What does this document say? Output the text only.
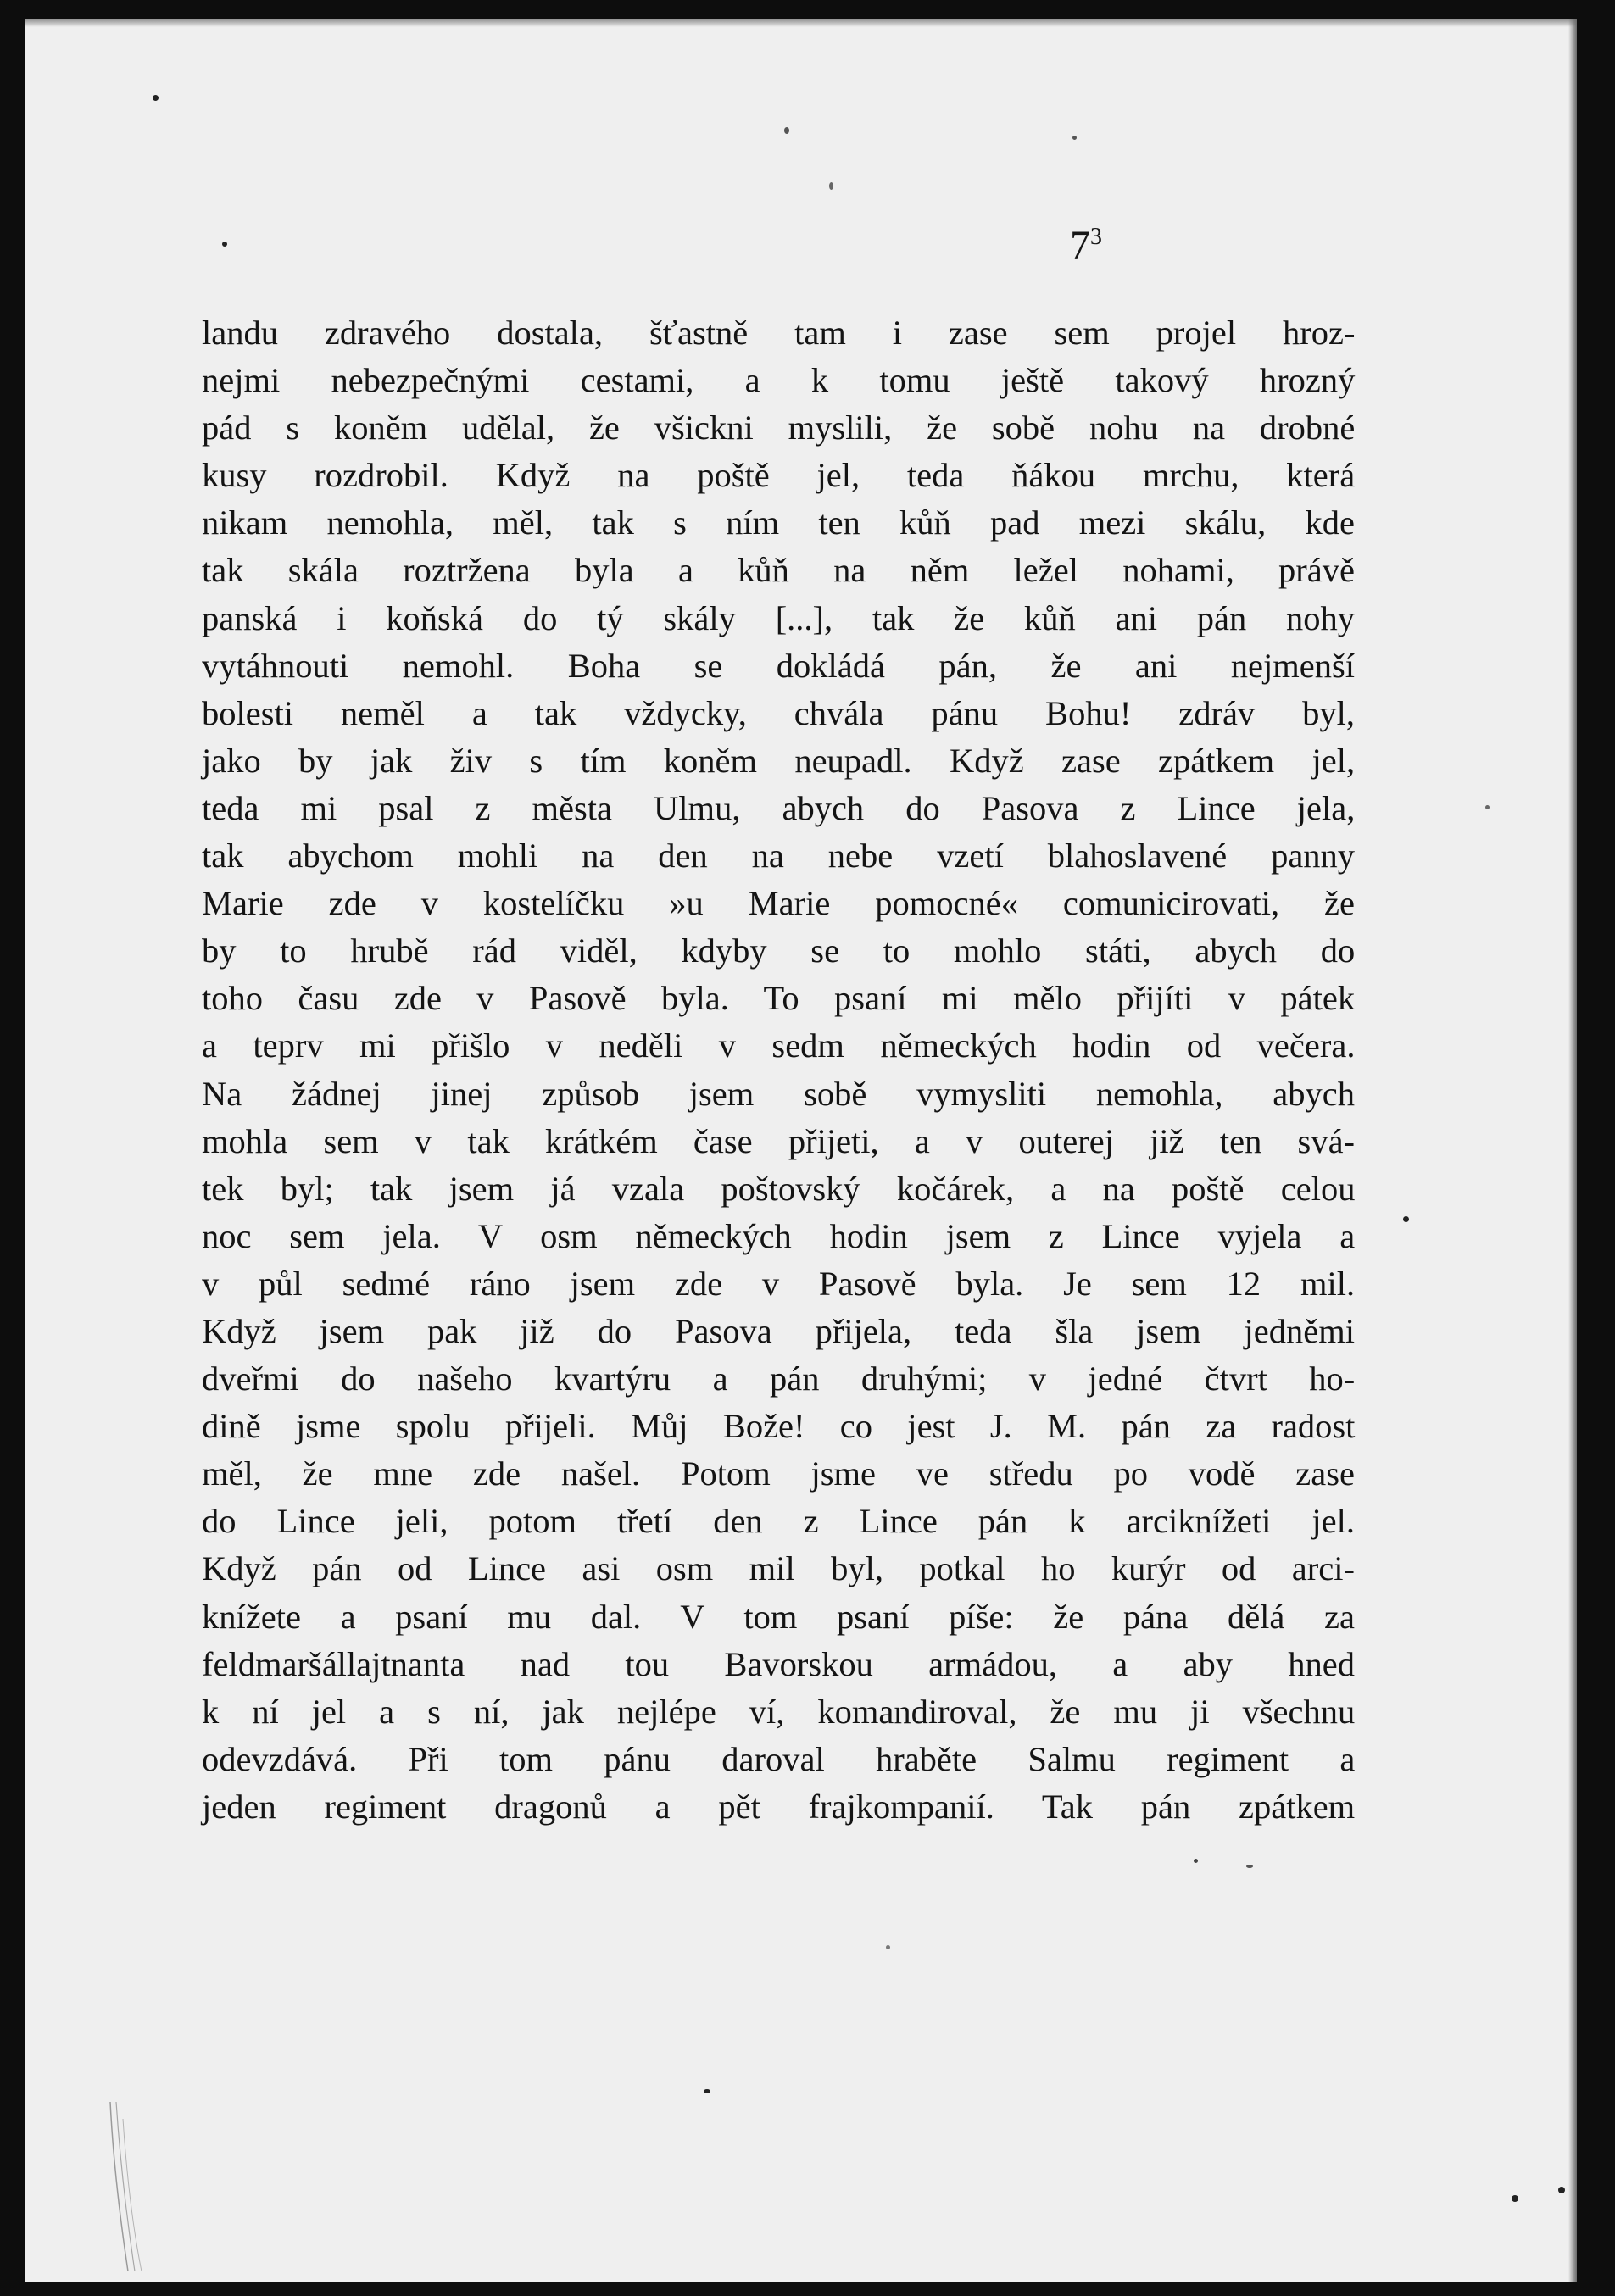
$7^3$
landu zdravého dostala, šťastně tam i zase sem projel hroz-
nejmi nebezpečnými cestami, a k tomu ještě takový hrozný
pád s koněm udělal, že všickni myslili, že sobě nohu na drobné
kusy rozdrobil. Když na poště jel, teda ňákou mrchu, která
nikam nemohla, měl, tak s ním ten kůň pad mezi skálu, kde
tak skála roztržena byla a kůň na něm ležel nohami, právě
panská i koňská do tý skály [...], tak že kůň ani pán nohy
vytáhnouti nemohl. Boha se dokládá pán, že ani nejmenší
bolesti neměl a tak vždycky, chvála pánu Bohu! zdráv byl,
jako by jak živ s tím koněm neupadl. Když zase zpátkem jel,
teda mi psal z města Ulmu, abych do Pasova z Lince jela,
tak abychom mohli na den na nebe vzetí blahoslavené panny
Marie zde v kostelíčku »u Marie pomocné« comunicirovati, že
by to hrubě rád viděl, kdyby se to mohlo státi, abych do
toho času zde v Pasově byla. To psaní mi mělo přijíti v pátek
a teprv mi přišlo v neděli v sedm německých hodin od večera.
Na žádnej jinej způsob jsem sobě vymysliti nemohla, abych
mohla sem v tak krátkém čase přijeti, a v outerej již ten svá-
tek byl; tak jsem já vzala poštovský kočárek, a na poště celou
noc sem jela. V osm německých hodin jsem z Lince vyjela a
v půl sedmé ráno jsem zde v Pasově byla. Je sem 12 mil.
Když jsem pak již do Pasova přijela, teda šla jsem jedněmi
dveřmi do našeho kvartýru a pán druhými; v jedné čtvrt ho-
dině jsme spolu přijeli. Můj Bože! co jest J. M. pán za radost
měl, že mne zde našel. Potom jsme ve středu po vodě zase
do Lince jeli, potom třetí den z Lince pán k arciknížeti jel.
Když pán od Lince asi osm mil byl, potkal ho kurýr od arci-
knížete a psaní mu dal. V tom psaní píše: že pána dělá za
feldmaršállajtnanta nad tou Bavorskou armádou, a aby hned
k ní jel a s ní, jak nejlépe ví, komandiroval, že mu ji všechnu
odevzdává. Při tom pánu daroval hraběte Salmu regiment a
jeden regiment dragonů a pět frajkompanií. Tak pán zpátkem
